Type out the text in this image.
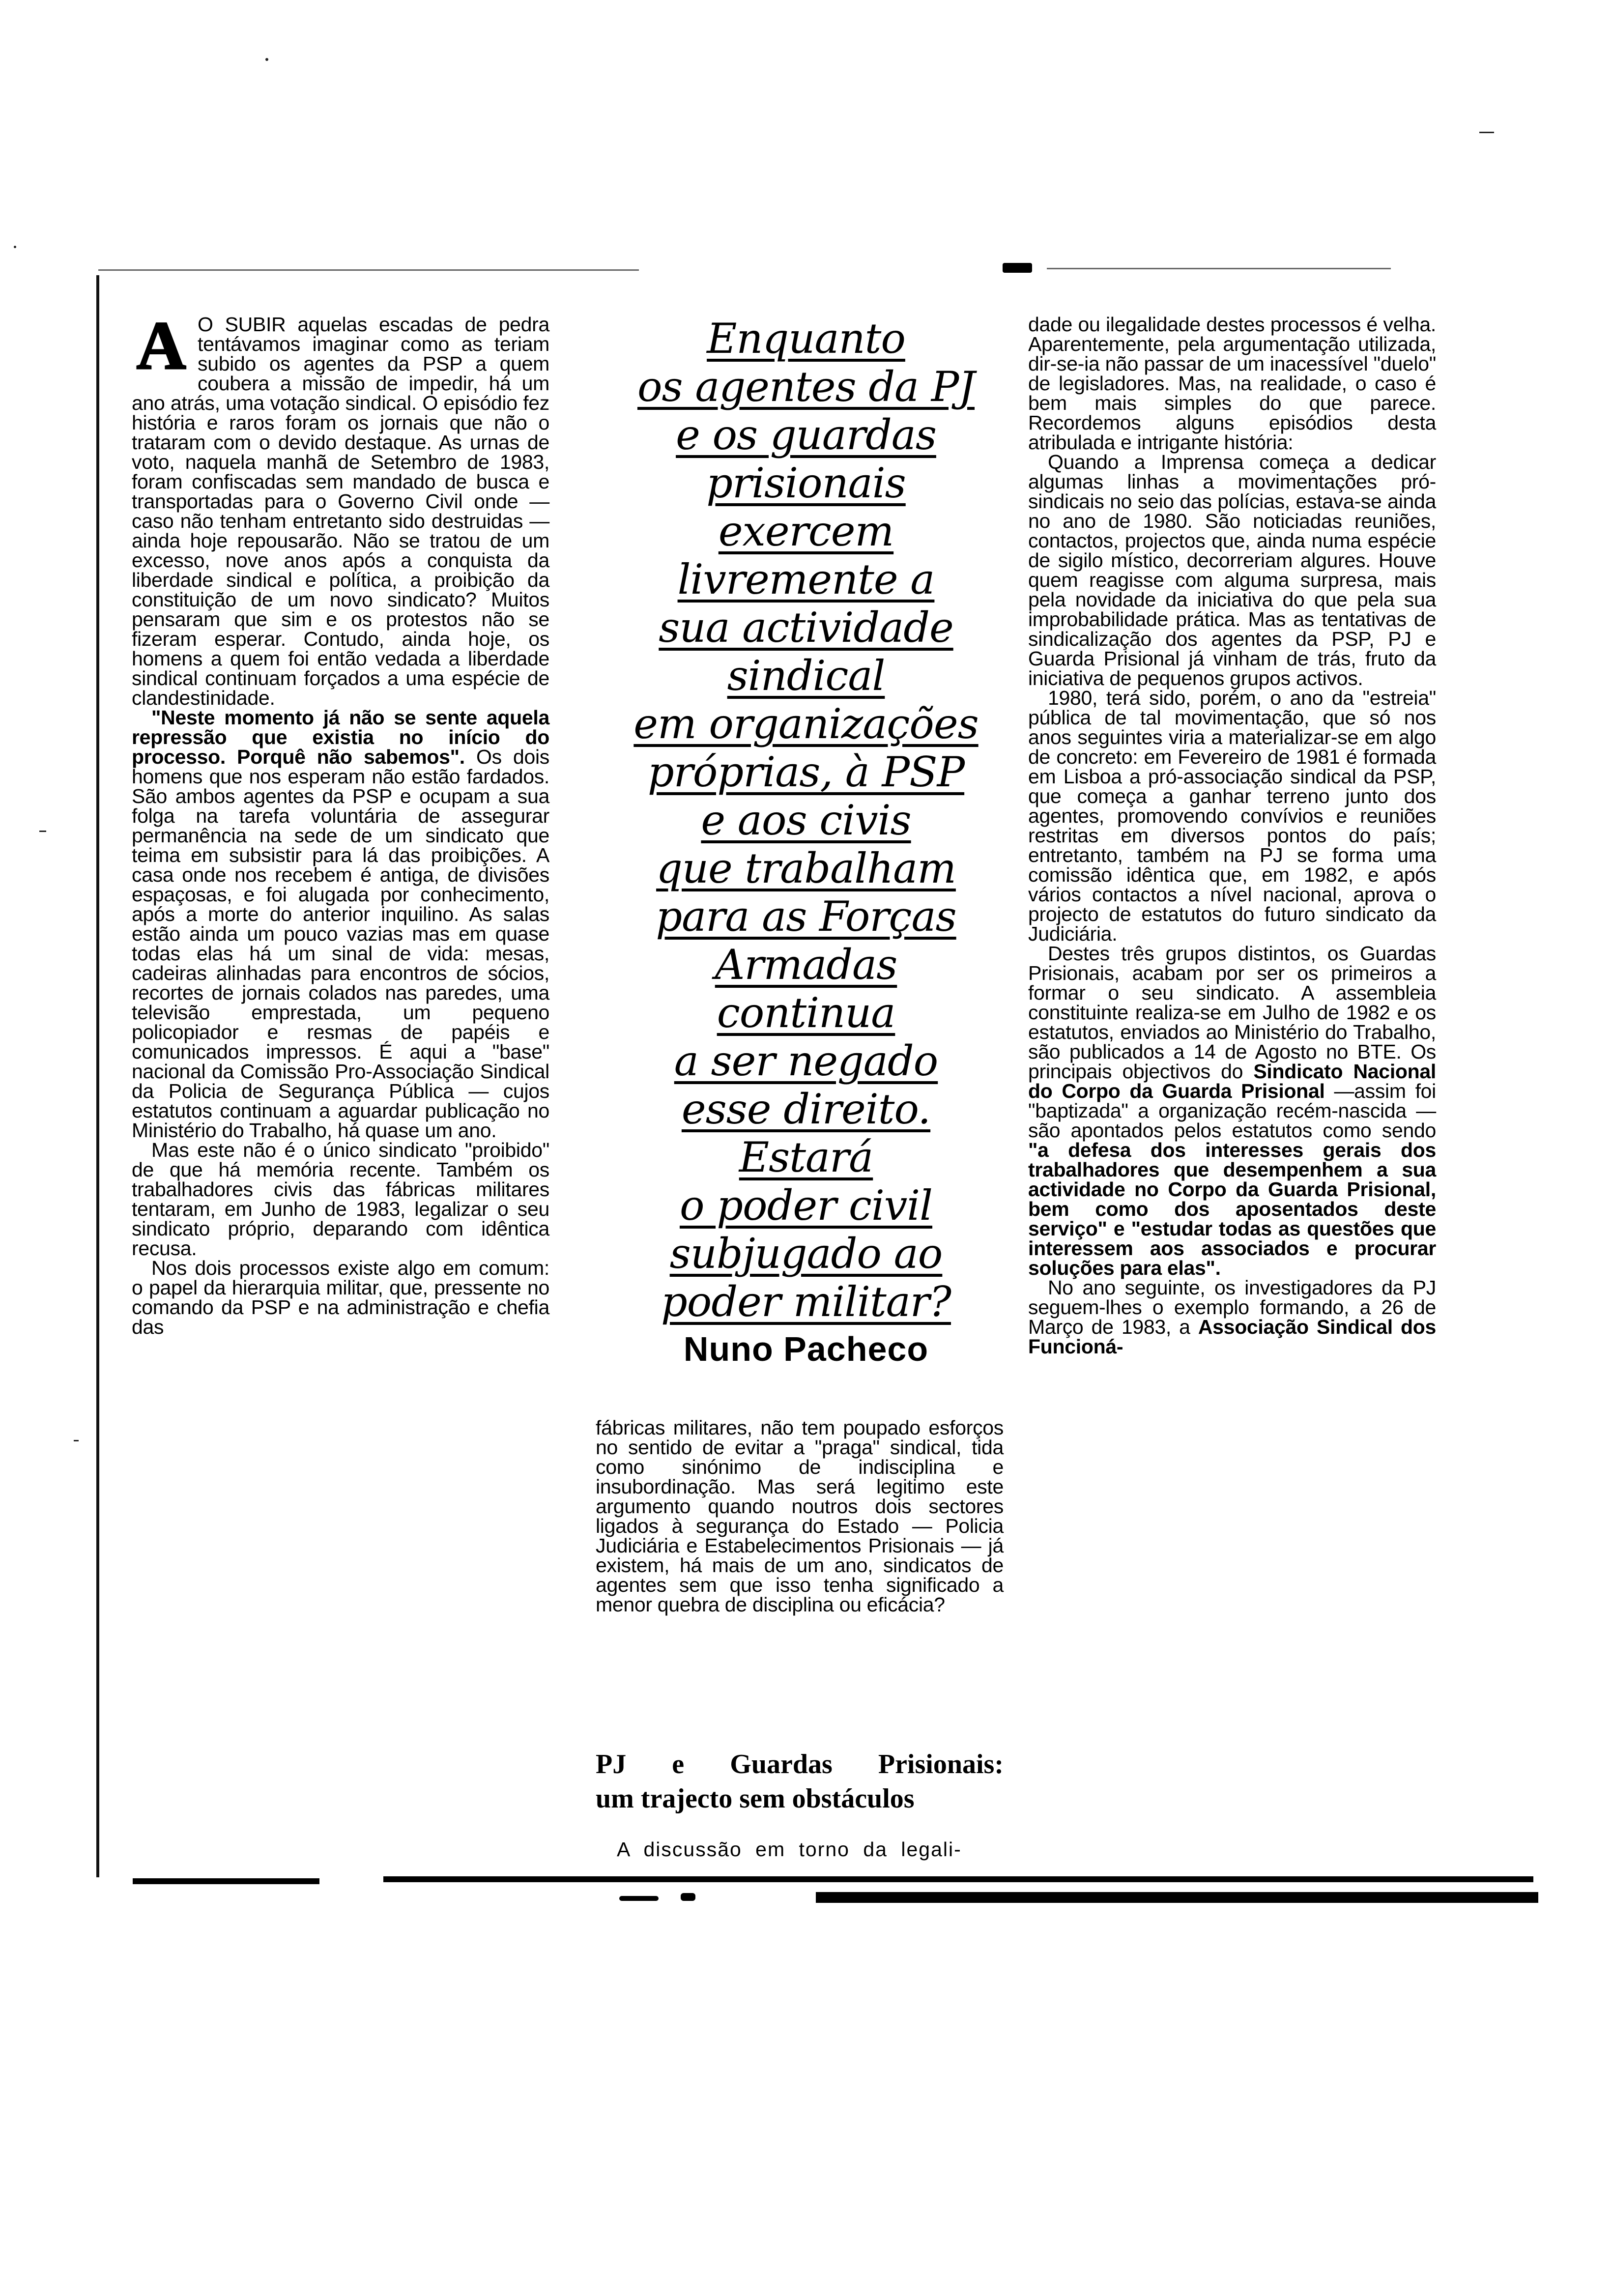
A O SUBIR aquelas escadas de pedra tentávamos imaginar como as teriam subido os agentes da PSP a quem coubera a missão de impedir, há um ano atrás, uma votação sindical. O episódio fez história e raros foram os jornais que não o trataram com o devido destaque. As urnas de voto, naquela manhã de Setembro de 1983, foram confiscadas sem mandado de busca e transportadas para o Governo Civil onde — caso não tenham entretanto sido destruidas — ainda hoje repousarão. Não se tratou de um excesso, nove anos após a conquista da liberdade sindical e política, a proibição da constituição de um novo sindicato? Muitos pensaram que sim e os protestos não se fizeram esperar. Contudo, ainda hoje, os homens a quem foi então vedada a liberdade sindical continuam forçados a uma espécie de clandestinidade.

"Neste momento já não se sente aquela repressão que existia no início do processo. Porquê não sabemos". Os dois homens que nos esperam não estão fardados. São ambos agentes da PSP e ocupam a sua folga na tarefa voluntária de assegurar permanência na sede de um sindicato que teima em subsistir para lá das proibições. A casa onde nos recebem é antiga, de divisões espaçosas, e foi alugada por conhecimento, após a morte do anterior inquilino. As salas estão ainda um pouco vazias mas em quase todas elas há um sinal de vida: mesas, cadeiras alinhadas para encontros de sócios, recortes de jornais colados nas paredes, uma televisão emprestada, um pequeno policopiador e resmas de papéis e comunicados impressos. É aqui a "base" nacional da Comissão Pro-Associação Sindical da Policia de Segurança Pública — cujos estatutos continuam a aguardar publicação no Ministério do Trabalho, há quase um ano.

Mas este não é o único sindicato "proibido" de que há memória recente. Também os trabalhadores civis das fábricas militares tentaram, em Junho de 1983, legalizar o seu sindicato próprio, deparando com idêntica recusa.

Nos dois processos existe algo em comum: o papel da hierarquia militar, que, pressente no comando da PSP e na administração e chefia das

Enquanto
os agentes da PJ
e os guardas
prisionais
exercem
livremente a
sua actividade
sindical
em organizações
próprias, à PSP
e aos civis
que trabalham
para as Forças
Armadas
continua
a ser negado
esse direito.
Estará
o poder civil
subjugado ao
poder militar?
Nuno Pacheco

fábricas militares, não tem poupado esforços no sentido de evitar a "praga" sindical, tida como sinónimo de indisciplina e insubordinação. Mas será legitimo este argumento quando noutros dois sectores ligados à segurança do Estado — Policia Judiciária e Estabelecimentos Prisionais — já existem, há mais de um ano, sindicatos de agentes sem que isso tenha significado a menor quebra de disciplina ou eficácia?

PJ e Guardas Prisionais:
um trajecto sem obstáculos
A discussão em torno da legali-

dade ou ilegalidade destes processos é velha. Aparentemente, pela argumentação utilizada, dir-se-ia não passar de um inacessível "duelo" de legisladores. Mas, na realidade, o caso é bem mais simples do que parece. Recordemos alguns episódios desta atribulada e intrigante história:

Quando a Imprensa começa a dedicar algumas linhas a movimentações pró-sindicais no seio das polícias, estava-se ainda no ano de 1980. São noticiadas reuniões, contactos, projectos que, ainda numa espécie de sigilo místico, decorreriam algures. Houve quem reagisse com alguma surpresa, mais pela novidade da iniciativa do que pela sua improbabilidade prática. Mas as tentativas de sindicalização dos agentes da PSP, PJ e Guarda Prisional já vinham de trás, fruto da iniciativa de pequenos grupos activos.

1980, terá sido, porém, o ano da "estreia" pública de tal movimentação, que só nos anos seguintes viria a materializar-se em algo de concreto: em Fevereiro de 1981 é formada em Lisboa a pró-associação sindical da PSP, que começa a ganhar terreno junto dos agentes, promovendo convívios e reuniões restritas em diversos pontos do país; entretanto, também na PJ se forma uma comissão idêntica que, em 1982, e após vários contactos a nível nacional, aprova o projecto de estatutos do futuro sindicato da Judiciária.

Destes três grupos distintos, os Guardas Prisionais, acabam por ser os primeiros a formar o seu sindicato. A assembleia constituinte realiza-se em Julho de 1982 e os estatutos, enviados ao Ministério do Trabalho, são publicados a 14 de Agosto no BTE. Os principais objectivos do Sindicato Nacional do Corpo da Guarda Prisional —assim foi "baptizada" a organização recém-nascida — são apontados pelos estatutos como sendo "a defesa dos interesses gerais dos trabalhadores que desempenhem a sua actividade no Corpo da Guarda Prisional, bem como dos aposentados deste serviço" e "estudar todas as questões que interessem aos associados e procurar soluções para elas".

No ano seguinte, os investigadores da PJ seguem-lhes o exemplo formando, a 26 de Março de 1983, a Associação Sindical dos Funcioná-
